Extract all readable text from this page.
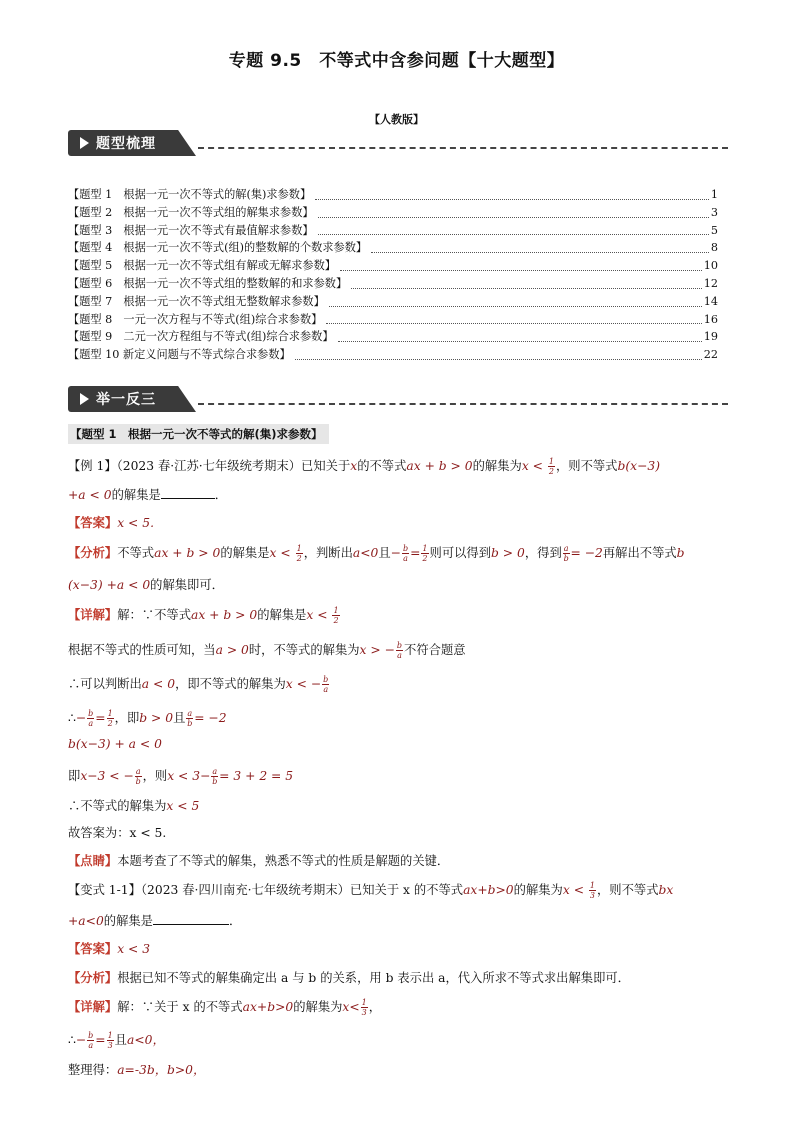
专题 9.5　不等式中含参问题【十大题型】
【人教版】
题型梳理
【题型 1　根据一元一次不等式的解(集)求参数】	1
【题型 2　根据一元一次不等式组的解集求参数】	3
【题型 3　根据一元一次不等式有最值解求参数】	5
【题型 4　根据一元一次不等式(组)的整数解的个数求参数】	8
【题型 5　根据一元一次不等式组有解或无解求参数】	10
【题型 6　根据一元一次不等式组的整数解的和求参数】	12
【题型 7　根据一元一次不等式组无整数解求参数】	14
【题型 8　一元一次方程与不等式(组)综合求参数】	16
【题型 9　二元一次方程组与不等式(组)综合求参数】	19
【题型 10 新定义问题与不等式综合求参数】	22
举一反三
【题型 1　根据一元一次不等式的解(集)求参数】
【例 1】（2023 春·江苏·七年级统考期末）已知关于x的不等式ax + b > 0的解集为$x < \frac{1}{2}$ ，则不等式b(x−3)
+a < 0的解集是	．
【答案】x < 5.
【分析】不等式ax + b > 0的解集是$x < \frac{1}{2}$ ，判断出a<0且− $\frac{b}{a} = \frac{1}{2}$ 则可以得到b > 0，得到 $\frac{a}{b} = -2$再解出不等式b
(x−3) +a < 0的解集即可．
【详解】解：∵不等式ax + b > 0的解集是$x < \frac{1}{2}$
根据不等式的性质可知，当a > 0时，不等式的解集为x > − $\frac{b}{a}$ 不符合题意
∴可以判断出a < 0，即不等式的解集为x < − $\frac{b}{a}$
∴− $\frac{b}{a} = \frac{1}{2}$ ，即b > 0且 $\frac{a}{b} = -2$
b(x−3) + a < 0
即x−3 < − $\frac{a}{b}$ ，则$x < 3- \frac{a}{b} = 3 + 2 = 5$
∴不等式的解集为x < 5
故答案为：x < 5.
【点睛】本题考查了不等式的解集，熟悉不等式的性质是解题的关键．
【变式 1-1】（2023 春·四川南充·七年级统考期末）已知关于 x 的不等式ax+b>0的解集为$x < \frac{1}{3}$ ，则不等式bx
+a<0的解集是	．
【答案】x < 3
【分析】根据已知不等式的解集确定出 a 与 b 的关系，用 b 表示出 a，代入所求不等式求出解集即可．
【详解】解：∵关于 x 的不等式ax+b>0的解集为$x< \frac{1}{3}$ ，
∴− $\frac{b}{a} = \frac{1}{3}$ 且a<0，
整理得：a=-3b，b>0，
